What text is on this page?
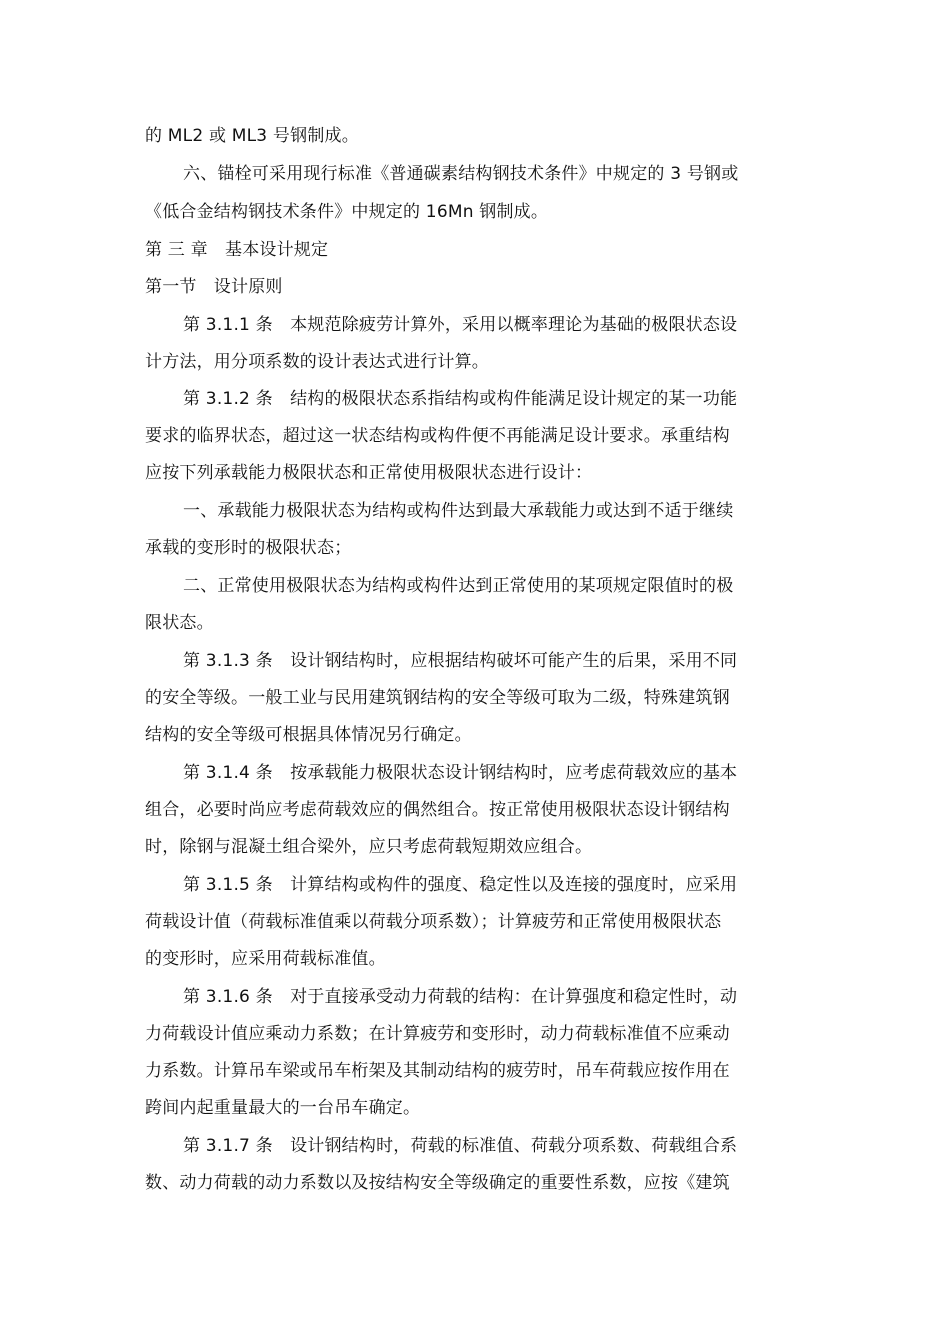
的 ML2 或 ML3 号钢制成。
六、锚栓可采用现行标准《普通碳素结构钢技术条件》中规定的 3 号钢或
《低合金结构钢技术条件》中规定的 16Mn 钢制成。
第 三 章　基本设计规定
第一节　设计原则
第 3.1.1 条　本规范除疲劳计算外，采用以概率理论为基础的极限状态设
计方法，用分项系数的设计表达式进行计算。
第 3.1.2 条　结构的极限状态系指结构或构件能满足设计规定的某一功能
要求的临界状态，超过这一状态结构或构件便不再能满足设计要求。承重结构
应按下列承载能力极限状态和正常使用极限状态进行设计：
一、承载能力极限状态为结构或构件达到最大承载能力或达到不适于继续
承载的变形时的极限状态；
二、正常使用极限状态为结构或构件达到正常使用的某项规定限值时的极
限状态。
第 3.1.3 条　设计钢结构时，应根据结构破坏可能产生的后果，采用不同
的安全等级。一般工业与民用建筑钢结构的安全等级可取为二级，特殊建筑钢
结构的安全等级可根据具体情况另行确定。
第 3.1.4 条　按承载能力极限状态设计钢结构时，应考虑荷载效应的基本
组合，必要时尚应考虑荷载效应的偶然组合。按正常使用极限状态设计钢结构
时，除钢与混凝土组合梁外，应只考虑荷载短期效应组合。
第 3.1.5 条　计算结构或构件的强度、稳定性以及连接的强度时，应采用
荷载设计值（荷载标准值乘以荷载分项系数）；计算疲劳和正常使用极限状态
的变形时，应采用荷载标准值。
第 3.1.6 条　对于直接承受动力荷载的结构：在计算强度和稳定性时，动
力荷载设计值应乘动力系数；在计算疲劳和变形时，动力荷载标准值不应乘动
力系数。计算吊车梁或吊车桁架及其制动结构的疲劳时，吊车荷载应按作用在
跨间内起重量最大的一台吊车确定。
第 3.1.7 条　设计钢结构时，荷载的标准值、荷载分项系数、荷载组合系
数、动力荷载的动力系数以及按结构安全等级确定的重要性系数，应按《建筑
